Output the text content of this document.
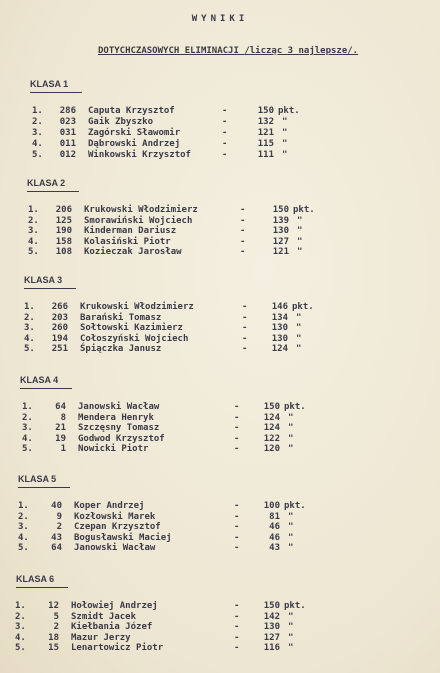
WYNIKI
DOTYCHCZASOWYCH ELIMINACJI /licząc 3 najlepsze/.
KLASA 1
1.	286 Caputa Krzysztof	-	150 pkt.
2.	023 Gaik Zbyszko	-	132 "
3.	031 Zagórski Sławomir	-	121 "
4.	011 Dąbrowski Andrzej	-	115 "
5.	012 Winkowski Krzysztof	-	111 "
KLASA 2
1.	206 Krukowski Włodzimierz	-	150 pkt.
2.	125 Smorawiński Wojciech	-	139 "
3.	190 Kinderman Dariusz	-	130 "
4.	158 Kolasiński Piotr	-	127 "
5.	108 Kozieczak Jarosław	-	121 "
KLASA 3
1.	266 Krukowski Włodzimierz	-	146 pkt.
2.	203 Barański Tomasz	-	134 "
3.	260 Sołtowski Kazimierz	-	130 "
4.	194 Cołoszyński Wojciech	-	130 "
5.	251 Śpiączka Janusz	-	124 "
KLASA 4
1.	64 Janowski Wacław	-	150 pkt.
2.	8 Mendera Henryk	-	124 "
3.	21 Szczęsny Tomasz	-	124 "
4.	19 Godwod Krzysztof	-	122 "
5.	1 Nowicki Piotr	-	120 "
KLASA 5
1.	40 Koper Andrzej	-	100 pkt.
2.	9 Kozłowski Marek	-	81 "
3.	2 Czepan Krzysztof	-	46 "
4.	43 Bogusławski Maciej	-	46 "
5.	64 Janowski Wacław	-	43 "
KLASA 6
1.	12 Hołowiej Andrzej	-	150 pkt.
2.	5 Szmidt Jacek	-	142 "
3.	2 Kiełbania Józef	-	130 "
4.	18 Mazur Jerzy	-	127 "
5.	15 Lenartowicz Piotr	-	116 "
